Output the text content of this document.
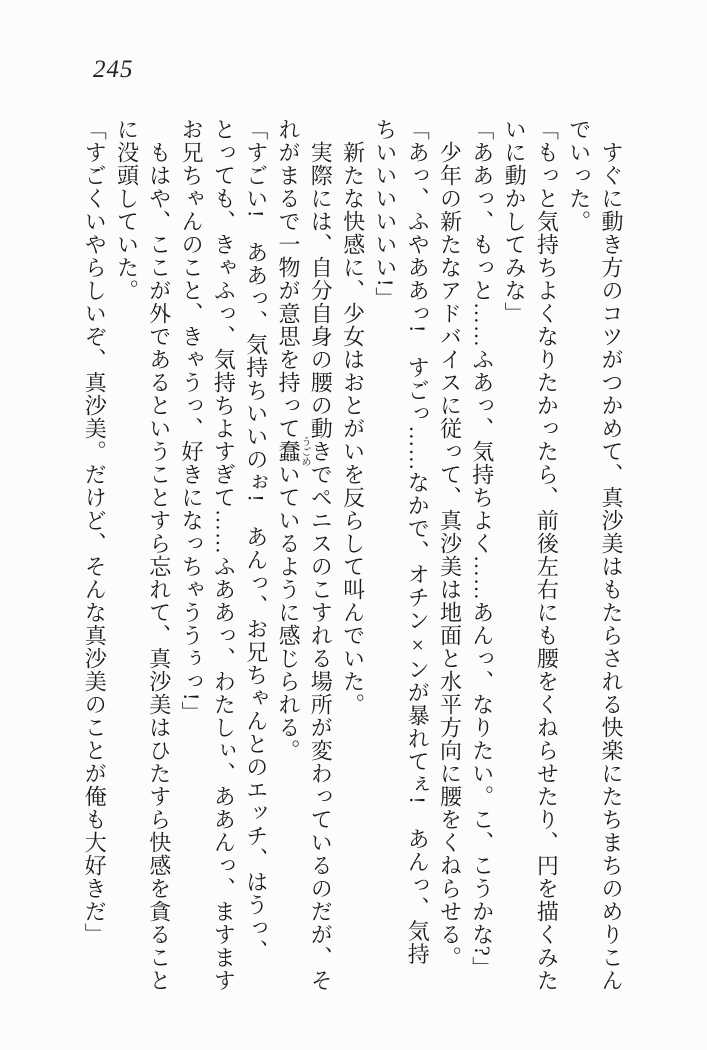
245
すぐに動き方のコツがつかめて、真沙美はもたらされる快楽にたちまちのめりこん
でいった。
「もっと気持ちよくなりたかったら、前後左右にも腰をくねらせたり、円を描くみた
いに動かしてみな」
「ああっ、もっと……ふあっ、気持ちよく……あんっ、なりたい。こ、こうかな?」
少年の新たなアドバイスに従って、真沙美は地面と水平方向に腰をくねらせる。
「あっ、ふやああっ!　すごっ……なかで、オチン×ンが暴れてぇ!　あんっ、気持
ちいいいいいい!」
新たな快感に、少女はおとがいを反らして叫んでいた。
実際には、自分自身の腰の動きでペニスのこすれる場所が変わっているのだが、そ
れがまるで一物が意思を持って蠢うごめいているように感じられる。
「すごい!　ああっ、気持ちいいのぉ!　あんっ、お兄ちゃんとのエッチ、はうっ、
とっても、きゃふっ、気持ちよすぎて……ふああっ、わたしぃ、ああんっ、ますます
お兄ちゃんのこと、きゃうっ、好きになっちゃううぅっ!」
もはや、ここが外であるということすら忘れて、真沙美はひたすら快感を貪ること
に没頭していた。
「すごくいやらしいぞ、真沙美。だけど、そんな真沙美のことが俺も大好きだ」
